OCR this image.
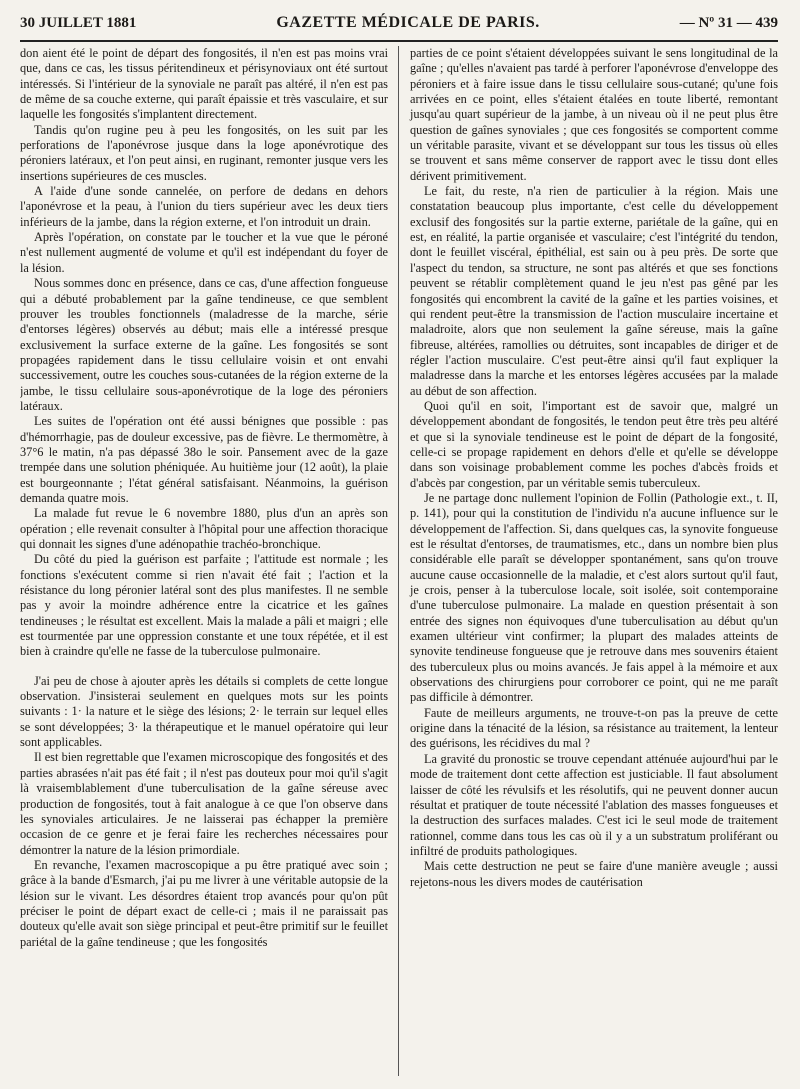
30 JUILLET 1881	GAZETTE MÉDICALE DE PARIS.	— Nº 31 — 439

don aient été le point de départ des fongosités, il n'en est pas moins vrai que, dans ce cas, les tissus péritendineux et périsynoviaux ont été surtout intéressés. Si l'intérieur de la synoviale ne paraît pas altéré, il n'en est pas de même de sa couche externe, qui paraît épaissie et très vasculaire, et sur laquelle les fongosités s'implantent directement.

Tandis qu'on rugine peu à peu les fongosités, on les suit par les perforations de l'aponévrose jusque dans la loge aponévrotique des péroniers latéraux, et l'on peut ainsi, en ruginant, remonter jusque vers les insertions supérieures de ces muscles.

A l'aide d'une sonde cannelée, on perfore de dedans en dehors l'aponévrose et la peau, à l'union du tiers supérieur avec les deux tiers inférieurs de la jambe, dans la région externe, et l'on introduit un drain.

Après l'opération, on constate par le toucher et la vue que le péroné n'est nullement augmenté de volume et qu'il est indépendant du foyer de la lésion.

Nous sommes donc en présence, dans ce cas, d'une affection fongueuse qui a débuté probablement par la gaîne tendineuse, ce que semblent prouver les troubles fonctionnels (maladresse de la marche, série d'entorses légères) observés au début; mais elle a intéressé presque exclusivement la surface externe de la gaîne. Les fongosités se sont propagées rapidement dans le tissu cellulaire voisin et ont envahi successivement, outre les couches sous-cutanées de la région externe de la jambe, le tissu cellulaire sous-aponévrotique de la loge des péroniers latéraux.

Les suites de l'opération ont été aussi bénignes que possible : pas d'hémorrhagie, pas de douleur excessive, pas de fièvre. Le thermomètre, à 37°6 le matin, n'a pas dépassé 38o le soir. Pansement avec de la gaze trempée dans une solution phéniquée. Au huitième jour (12 août), la plaie est bourgeonnante ; l'état général satisfaisant. Néanmoins, la guérison demanda quatre mois.

La malade fut revue le 6 novembre 1880, plus d'un an après son opération ; elle revenait consulter à l'hôpital pour une affection thoracique qui donnait les signes d'une adénopathie trachéo-bronchique.

Du côté du pied la guérison est parfaite ; l'attitude est normale ; les fonctions s'exécutent comme si rien n'avait été fait ; l'action et la résistance du long péronier latéral sont des plus manifestes. Il ne semble pas y avoir la moindre adhérence entre la cicatrice et les gaînes tendineuses ; le résultat est excellent. Mais la malade a pâli et maigri ; elle est tourmentée par une oppression constante et une toux répétée, et il est bien à craindre qu'elle ne fasse de la tuberculose pulmonaire.

J'ai peu de chose à ajouter après les détails si complets de cette longue observation. J'insisterai seulement en quelques mots sur les points suivants : 1· la nature et le siège des lésions; 2· le terrain sur lequel elles se sont développées; 3· la thérapeutique et le manuel opératoire qui leur sont applicables.

Il est bien regrettable que l'examen microscopique des fongosités et des parties abrasées n'ait pas été fait ; il n'est pas douteux pour moi qu'il s'agit là vraisemblablement d'une tuberculisation de la gaîne séreuse avec production de fongosités, tout à fait analogue à ce que l'on observe dans les synoviales articulaires. Je ne laisserai pas échapper la première occasion de ce genre et je ferai faire les recherches nécessaires pour démontrer la nature de la lésion primordiale.

En revanche, l'examen macroscopique a pu être pratiqué avec soin ; grâce à la bande d'Esmarch, j'ai pu me livrer à une véritable autopsie de la lésion sur le vivant. Les désordres étaient trop avancés pour qu'on pût préciser le point de départ exact de celle-ci ; mais il ne paraissait pas douteux qu'elle avait son siège principal et peut-être primitif sur le feuillet pariétal de la gaîne tendineuse ; que les fongosités

parties de ce point s'étaient développées suivant le sens longitudinal de la gaîne ; qu'elles n'avaient pas tardé à perforer l'aponévrose d'enveloppe des péroniers et à faire issue dans le tissu cellulaire sous-cutané; qu'une fois arrivées en ce point, elles s'étaient étalées en toute liberté, remontant jusqu'au quart supérieur de la jambe, à un niveau où il ne peut plus être question de gaînes synoviales ; que ces fongosités se comportent comme un véritable parasite, vivant et se développant sur tous les tissus où elles se trouvent et sans même conserver de rapport avec le tissu dont elles dérivent primitivement.

Le fait, du reste, n'a rien de particulier à la région. Mais une constatation beaucoup plus importante, c'est celle du développement exclusif des fongosités sur la partie externe, pariétale de la gaîne, qui en est, en réalité, la partie organisée et vasculaire; c'est l'intégrité du tendon, dont le feuillet viscéral, épithélial, est sain ou à peu près. De sorte que l'aspect du tendon, sa structure, ne sont pas altérés et que ses fonctions peuvent se rétablir complètement quand le jeu n'est pas gêné par les fongosités qui encombrent la cavité de la gaîne et les parties voisines, et qui rendent peut-être la transmission de l'action musculaire incertaine et maladroite, alors que non seulement la gaîne séreuse, mais la gaîne fibreuse, altérées, ramollies ou détruites, sont incapables de diriger et de régler l'action musculaire. C'est peut-être ainsi qu'il faut expliquer la maladresse dans la marche et les entorses légères accusées par la malade au début de son affection.

Quoi qu'il en soit, l'important est de savoir que, malgré un développement abondant de fongosités, le tendon peut être très peu altéré et que si la synoviale tendineuse est le point de départ de la fongosité, celle-ci se propage rapidement en dehors d'elle et qu'elle se développe dans son voisinage probablement comme les poches d'abcès froids et d'abcès par congestion, par un véritable semis tuberculeux.

Je ne partage donc nullement l'opinion de Follin (Pathologie ext., t. II, p. 141), pour qui la constitution de l'individu n'a aucune influence sur le développement de l'affection. Si, dans quelques cas, la synovite fongueuse est le résultat d'entorses, de traumatismes, etc., dans un nombre bien plus considérable elle paraît se développer spontanément, sans qu'on trouve aucune cause occasionnelle de la maladie, et c'est alors surtout qu'il faut, je crois, penser à la tuberculose locale, soit isolée, soit contemporaine d'une tuberculose pulmonaire. La malade en question présentait à son entrée des signes non équivoques d'une tuberculisation au début qu'un examen ultérieur vint confirmer; la plupart des malades atteints de synovite tendineuse fongueuse que je retrouve dans mes souvenirs étaient des tuberculeux plus ou moins avancés. Je fais appel à la mémoire et aux observations des chirurgiens pour corroborer ce point, qui ne me paraît pas difficile à démontrer.

Faute de meilleurs arguments, ne trouve-t-on pas la preuve de cette origine dans la ténacité de la lésion, sa résistance au traitement, la lenteur des guérisons, les récidives du mal ?

La gravité du pronostic se trouve cependant atténuée aujourd'hui par le mode de traitement dont cette affection est justiciable. Il faut absolument laisser de côté les révulsifs et les résolutifs, qui ne peuvent donner aucun résultat et pratiquer de toute nécessité l'ablation des masses fongueuses et la destruction des surfaces malades. C'est ici le seul mode de traitement rationnel, comme dans tous les cas où il y a un substratum proliférant ou infiltré de produits pathologiques.

Mais cette destruction ne peut se faire d'une manière aveugle ; aussi rejetons-nous les divers modes de cautérisation
